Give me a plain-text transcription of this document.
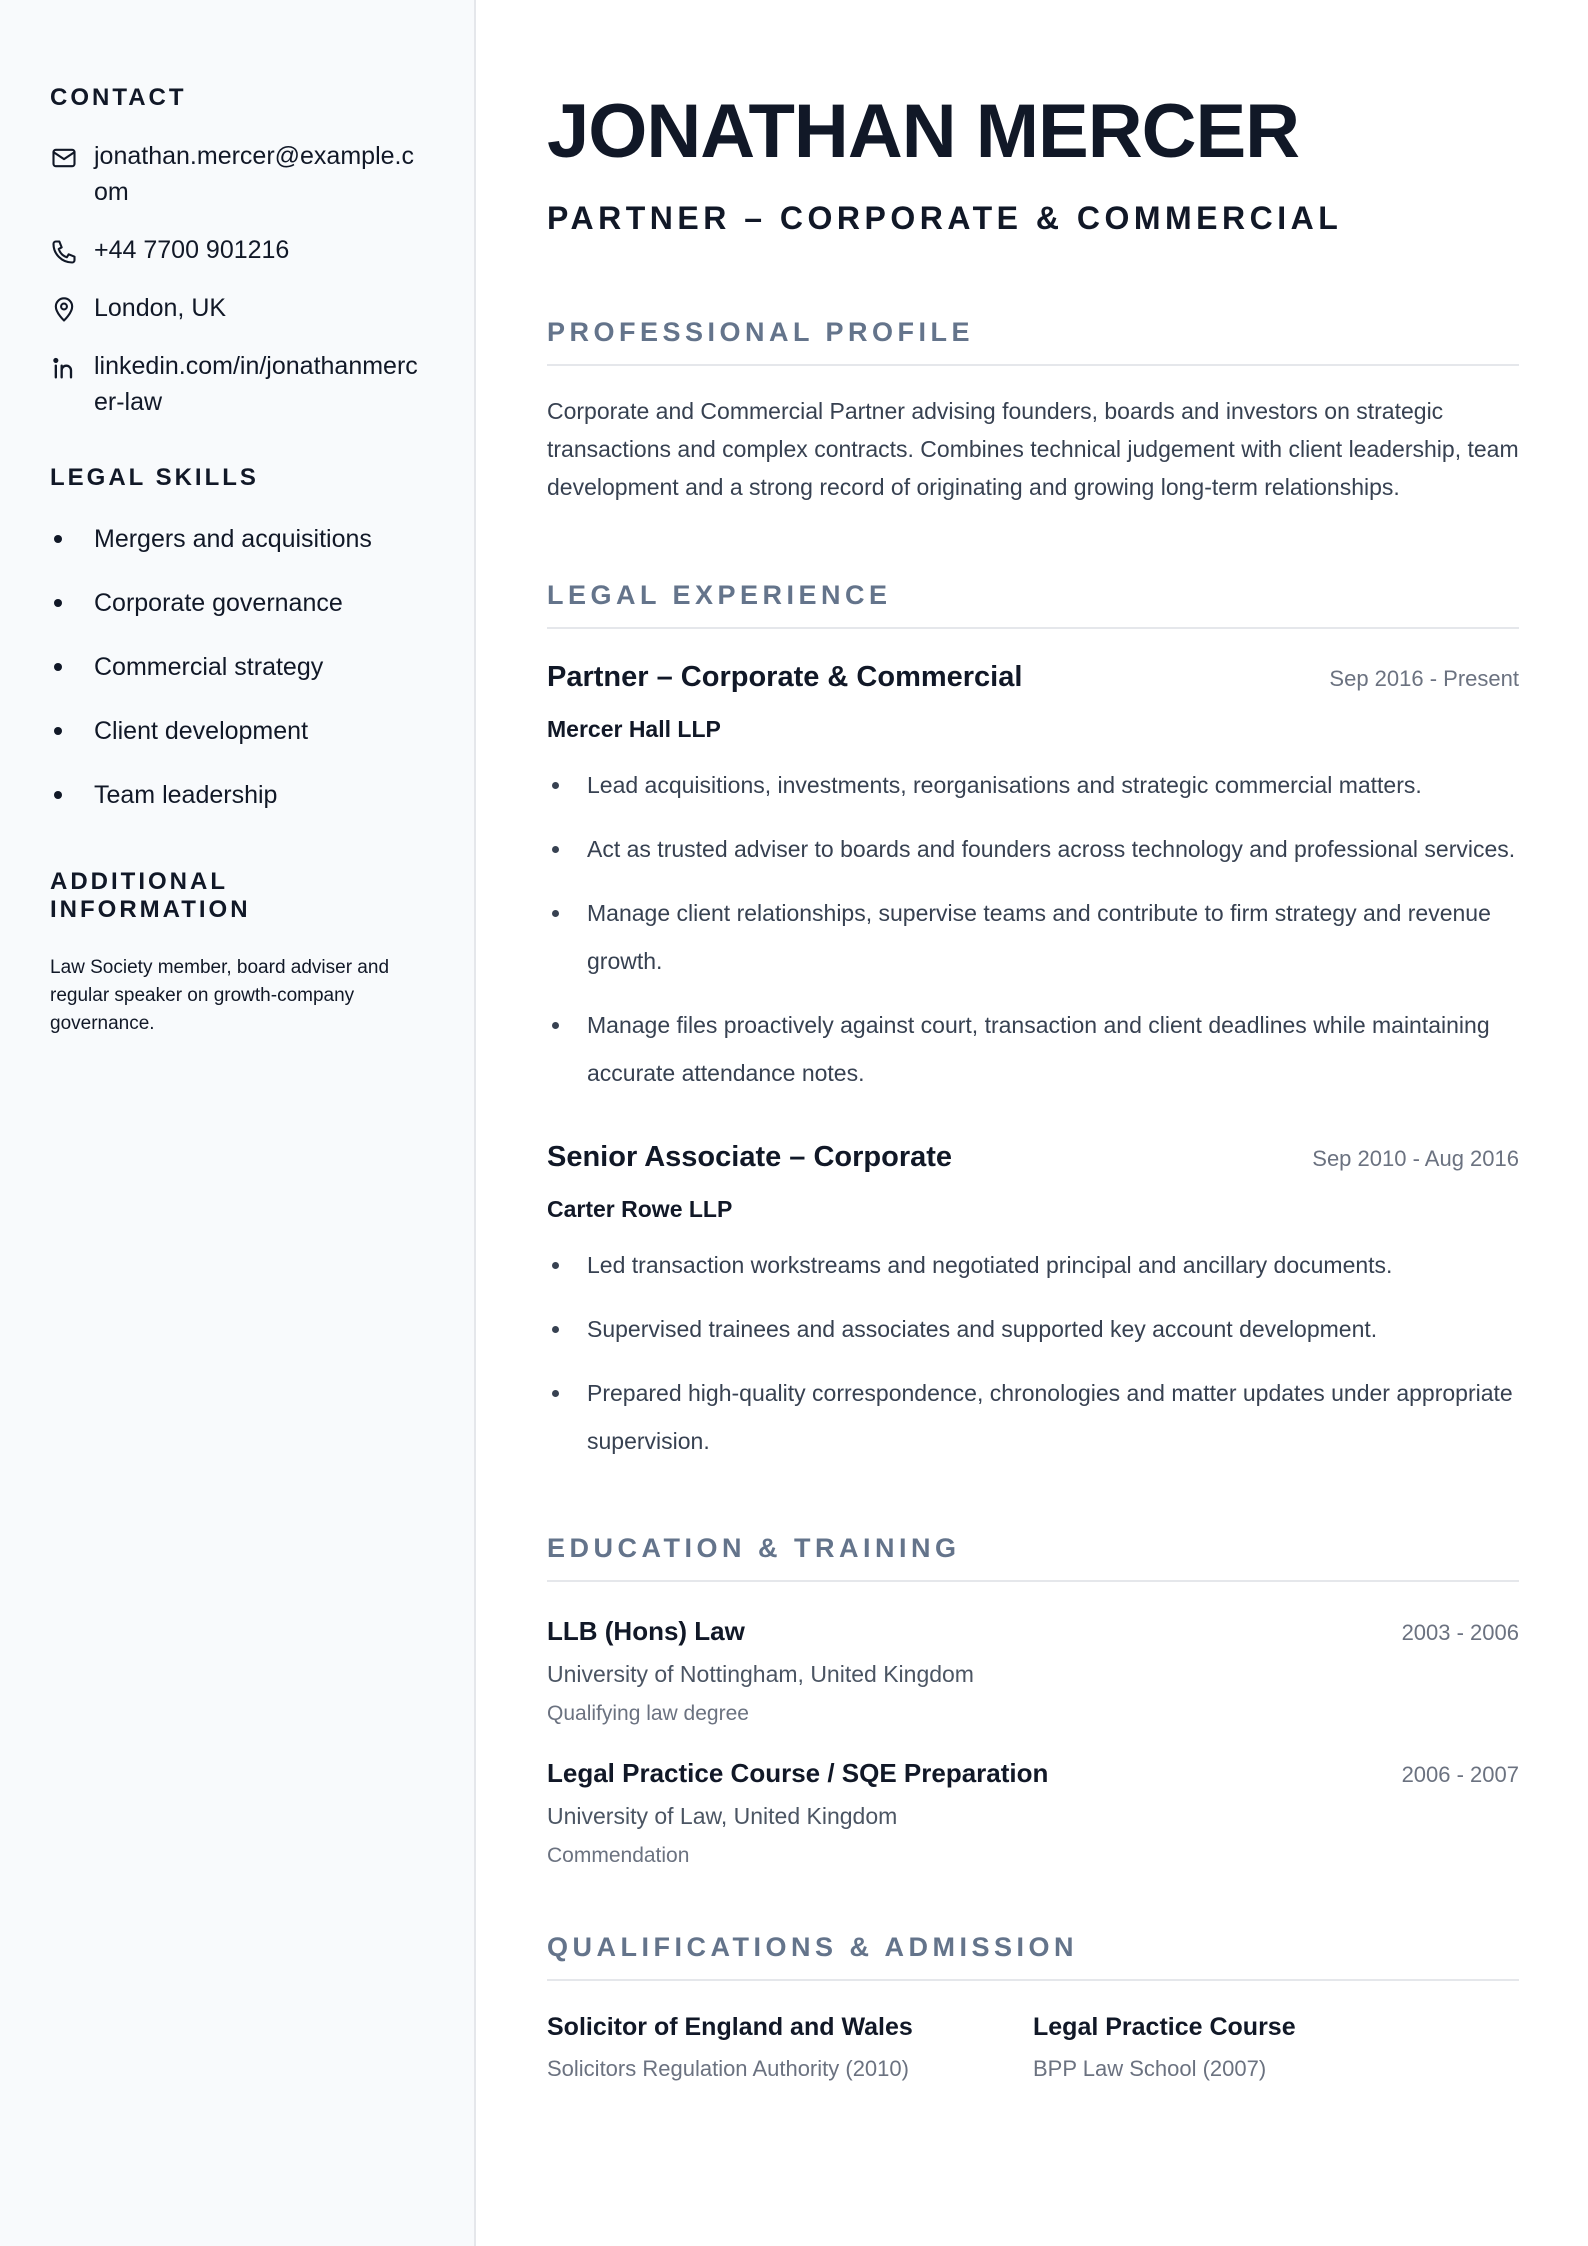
CONTACT
jonathan.mercer@example.com
+44 7700 901216
London, UK
linkedin.com/in/jonathanmercer-law
LEGAL SKILLS
Mergers and acquisitions
Corporate governance
Commercial strategy
Client development
Team leadership
ADDITIONAL INFORMATION

Law Society member, board adviser and regular speaker on growth-company governance.

JONATHAN MERCER
PARTNER – CORPORATE & COMMERCIAL
PROFESSIONAL PROFILE

Corporate and Commercial Partner advising founders, boards and investors on strategic transactions and complex contracts. Combines technical judgement with client leadership, team development and a strong record of originating and growing long-term relationships.

LEGAL EXPERIENCE
Partner – Corporate & Commercial	Sep 2016 - Present
Mercer Hall LLP
Lead acquisitions, investments, reorganisations and strategic commercial matters.
Act as trusted adviser to boards and founders across technology and professional services.
Manage client relationships, supervise teams and contribute to firm strategy and revenue growth.
Manage files proactively against court, transaction and client deadlines while maintaining accurate attendance notes.
Senior Associate – Corporate	Sep 2010 - Aug 2016
Carter Rowe LLP
Led transaction workstreams and negotiated principal and ancillary documents.
Supervised trainees and associates and supported key account development.
Prepared high-quality correspondence, chronologies and matter updates under appropriate supervision.
EDUCATION & TRAINING
LLB (Hons) Law	2003 - 2006
University of Nottingham, United Kingdom
Qualifying law degree
Legal Practice Course / SQE Preparation	2006 - 2007
University of Law, United Kingdom
Commendation
QUALIFICATIONS & ADMISSION
Solicitor of England and Wales
Solicitors Regulation Authority (2010)
Legal Practice Course
BPP Law School (2007)
